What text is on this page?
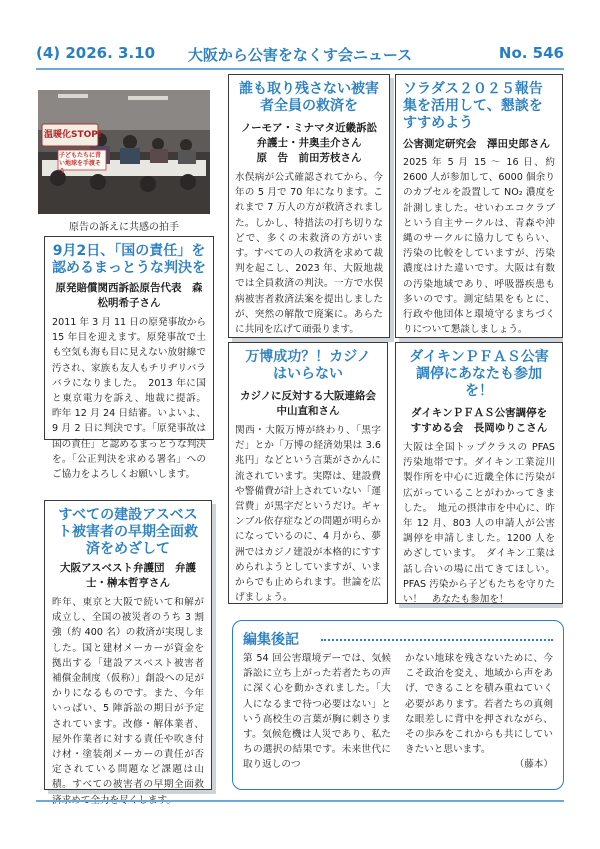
(4) 2026. 3.10	大阪から公害をなくす会ニュース	No. 546
温暖化STOP!
子どもたちに青い地球を手渡そう
原告の訴えに共感の拍手
9月2日、「国の責任」を認めるまっとうな判決を
原発賠償関西訴訟原告代表　森松明希子さん
2011 年 3 月 11 日の原発事故から 15 年目を迎えます。原発事故で土も空気も海も目に見えない放射線で汚され、家族も友人もチリヂリバラバラになりました。　2013 年に国と東京電力を訴え、地裁に提訴。昨年 12 月 24 日結審。いよいよ、9 月 2 日に判決です。「原発事故は国の責任」と認めるまっとうな判決を。「公正判決を求める署名」へのご協力をよろしくお願いします。
すべての建設アスベスト被害者の早期全面救済をめざして
大阪アスベスト弁護団　弁護士・榊本哲亨さん
昨年、東京と大阪で続いて和解が成立し、全国の被災者のうち 3 割強（約 400 名）の救済が実現しました。国と建材メーカーが資金を拠出する「建設アスベスト被害者補償金制度（仮称）」創設への足がかりになるものです。また、今年いっぱい、5 陣訴訟の期日が予定されています。改修・解体業者、屋外作業者に対する責任や吹き付け材・塗装剤メーカーの責任が否定されている問題など課題は山積。すべての被害者の早期全面救
誰も取り残さない被害者全員の救済を
ノーモア・ミナマタ近畿訴訟
弁護士・井奥圭介さん
原　告　前田芳枝さん
水俣病が公式確認されてから、今年の 5 月で 70 年になります。これまで 7 万人の方が救済されました。しかし、特措法の打ち切りなどで、多くの未救済の方がいます。すべての人の救済を求めて裁判を起こし、2023 年、大阪地裁では全員救済の判決。一方で水俣病被害者救済法案を提出しましたが、突然の解散で廃案に。あらたに共同を広げて頑張ります。
万博成功？！カジノはいらない
カジノに反対する大阪連絡会
中山直和さん
関西・大阪万博が終わり、「黒字だ」とか「万博の経済効果は 3.6 兆円」などという言葉がさかんに流されています。実際は、建設費や警備費が計上されていない「運営費」が黒字だというだけ。ギャンブル依存症などの問題が明らかになっているのに、4 月から、夢洲ではカジノ建設が本格的にすすめられようとしていますが、いまからでも止められます。世論を広げましょう。
ソラダス２０２５報告集を活用して、懇談をすすめよう
公害測定研究会　澤田史郎さん
2025 年 5 月 15 ～ 16 日、約 2600 人が参加して、6000 個余りのカプセルを設置して NO₂ 濃度を計測しました。せいわエコクラブという自主サークルは、青森や沖縄のサークルに協力してもらい、汚染の比較をしていますが、汚染濃度はけた違いです。大阪は有数の汚染地域であり、呼吸器疾患も多いのです。測定結果をもとに、行政や他団体と環境守るまちづくりについて懇談しましょう。
ダイキンＰＦＡＳ公害調停にあなたも参加を！
ダイキンＰＦＡＳ公害調停を
すすめる会　長岡ゆりこさん
大阪は全国トップクラスの PFAS 汚染地帯です。ダイキン工業淀川製作所を中心に近畿全体に汚染が広がっていることがわかってきました。　地元の摂津市を中心に、昨年 12 月、803 人の申請人が公害調停を申請しました。1200 人をめざしています。　ダイキン工業は話し合いの場に出てきてほしい。PFAS 汚染から子どもたちを守りたい！　あなたも参加を！
編集後記
第 54 回公害環境デーでは、気候訴訟に立ち上がった若者たちの声に深く心を動かされました。「大人になるまで待つ必要はない」という高校生の言葉が胸に刺さります。気候危機は人災であり、私たちの選択の結果です。未来世代に取り返しのつ
かない地球を残さないために、今こそ政治を変え、地域から声をあげ、できることを積み重ねていく必要があります。若者たちの真剣な眼差しに背中を押されながら、その歩みをこれからも共にしていきたいと思います。
（藤本）
